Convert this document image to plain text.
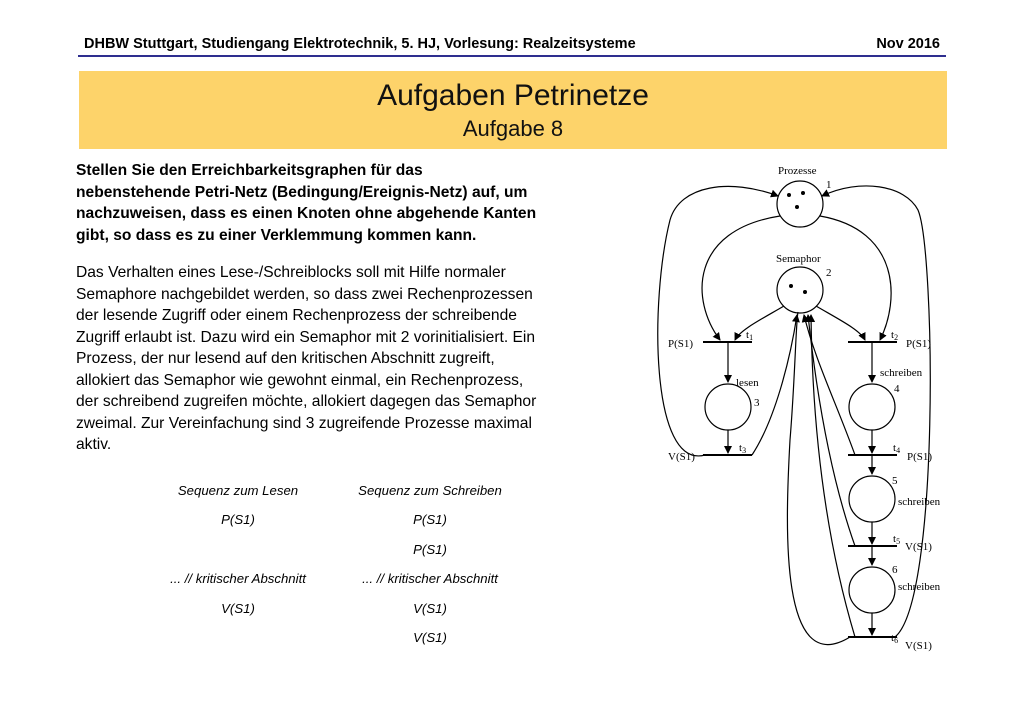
DHBW Stuttgart, Studiengang Elektrotechnik, 5. HJ, Vorlesung: Realzeitsysteme	Nov 2016
Aufgaben Petrinetze
Aufgabe 8
Stellen Sie den Erreichbarkeitsgraphen für das
nebenstehende Petri-Netz (Bedingung/Ereignis-Netz) auf, um
nachzuweisen, dass es einen Knoten ohne abgehende Kanten
gibt, so dass es zu einer Verklemmung kommen kann.
Das Verhalten eines Lese-/Schreiblocks soll mit Hilfe normaler
Semaphore nachgebildet werden, so dass zwei Rechenprozessen
der lesende Zugriff oder einem Rechenprozess der schreibende
Zugriff erlaubt ist. Dazu wird ein Semaphor mit 2 vorinitialisiert. Ein
Prozess, der nur lesend auf den kritischen Abschnitt zugreift,
allokiert das Semaphor wie gewohnt einmal, ein Rechenprozess,
der schreibend zugreifen möchte, allokiert dagegen das Semaphor
zweimal. Zur Vereinfachung sind 3 zugreifende Prozesse maximal
aktiv.
Sequenz zum Lesen
P(S1)
... // kritischer Abschnitt
V(S1)
Sequenz zum Schreiben
P(S1)
P(S1)
... // kritischer Abschnitt
V(S1)
V(S1)
Prozesse
1
Semaphor
2
lesen
3
schreiben
4
schreiben
5
schreiben
6
t1
P(S1)
t2
P(S1)
t3
V(S1)
t4
P(S1)
t5 V(S1)
t6 V(S1)
